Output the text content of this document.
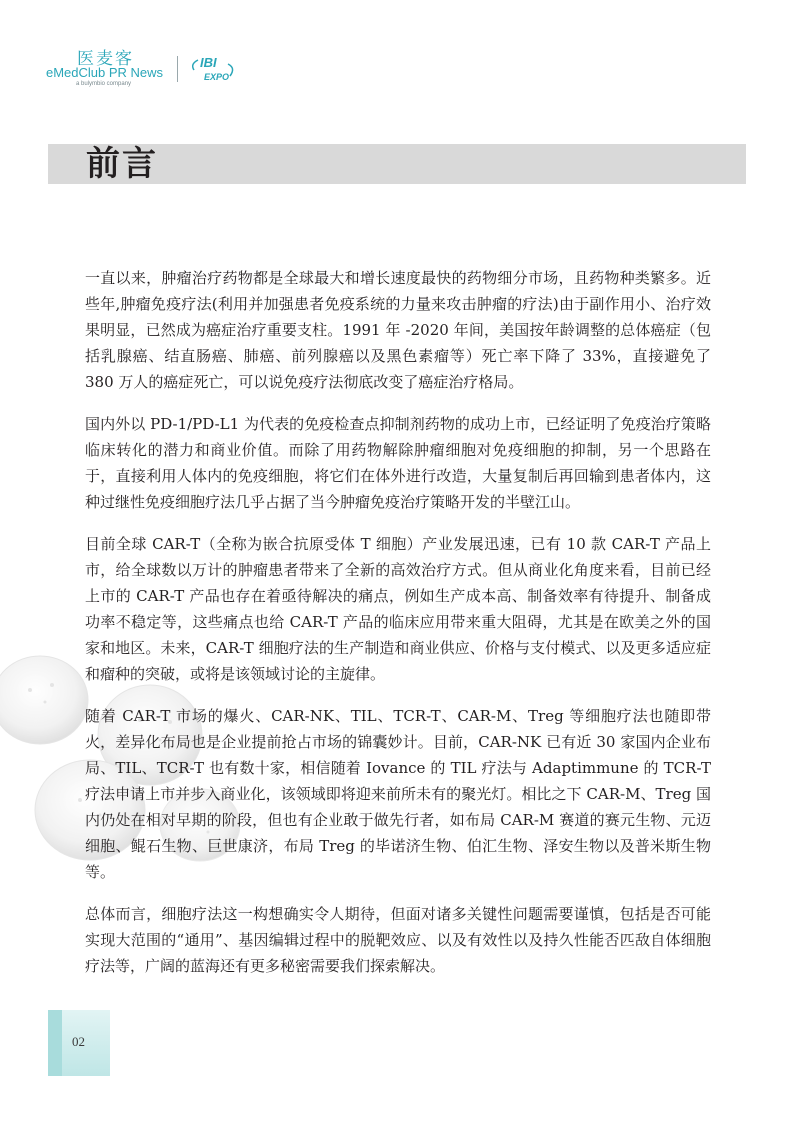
医麦客
eMedClub PR News
a bulymbio company
IBI
EXPO
前言

一直以来，肿瘤治疗药物都是全球最大和增长速度最快的药物细分市场，且药物种类繁多。近些年,肿瘤免疫疗法(利用并加强患者免疫系统的力量来攻击肿瘤的疗法)由于副作用小、治疗效果明显，已然成为癌症治疗重要支柱。1991 年 -2020 年间，美国按年龄调整的总体癌症（包括乳腺癌、结直肠癌、肺癌、前列腺癌以及黑色素瘤等）死亡率下降了 33%，直接避免了 380 万人的癌症死亡，可以说免疫疗法彻底改变了癌症治疗格局。

国内外以 PD-1/PD-L1 为代表的免疫检查点抑制剂药物的成功上市，已经证明了免疫治疗策略临床转化的潜力和商业价值。而除了用药物解除肿瘤细胞对免疫细胞的抑制，另一个思路在于，直接利用人体内的免疫细胞，将它们在体外进行改造，大量复制后再回输到患者体内，这种过继性免疫细胞疗法几乎占据了当今肿瘤免疫治疗策略开发的半壁江山。

目前全球 CAR-T（全称为嵌合抗原受体 T 细胞）产业发展迅速，已有 10 款 CAR-T 产品上市，给全球数以万计的肿瘤患者带来了全新的高效治疗方式。但从商业化角度来看，目前已经上市的 CAR-T 产品也存在着亟待解决的痛点，例如生产成本高、制备效率有待提升、制备成功率不稳定等，这些痛点也给 CAR-T 产品的临床应用带来重大阻碍，尤其是在欧美之外的国家和地区。未来，CAR-T 细胞疗法的生产制造和商业供应、价格与支付模式、以及更多适应症和瘤种的突破，或将是该领域讨论的主旋律。

随着 CAR-T 市场的爆火、CAR-NK、TIL、TCR-T、CAR-M、Treg 等细胞疗法也随即带火，差异化布局也是企业提前抢占市场的锦囊妙计。目前，CAR-NK 已有近 30 家国内企业布局、TIL、TCR-T 也有数十家，相信随着 Iovance 的 TIL 疗法与 Adaptimmune 的 TCR-T 疗法申请上市并步入商业化，该领域即将迎来前所未有的聚光灯。相比之下 CAR-M、Treg 国内仍处在相对早期的阶段，但也有企业敢于做先行者，如布局 CAR-M 赛道的赛元生物、元迈细胞、鲲石生物、巨世康济，布局 Treg 的毕诺济生物、伯汇生物、泽安生物以及普米斯生物等。

总体而言，细胞疗法这一构想确实令人期待，但面对诸多关键性问题需要谨慎，包括是否可能实现大范围的“通用”、基因编辑过程中的脱靶效应、以及有效性以及持久性能否匹敌自体细胞疗法等，广阔的蓝海还有更多秘密需要我们探索解决。

02
